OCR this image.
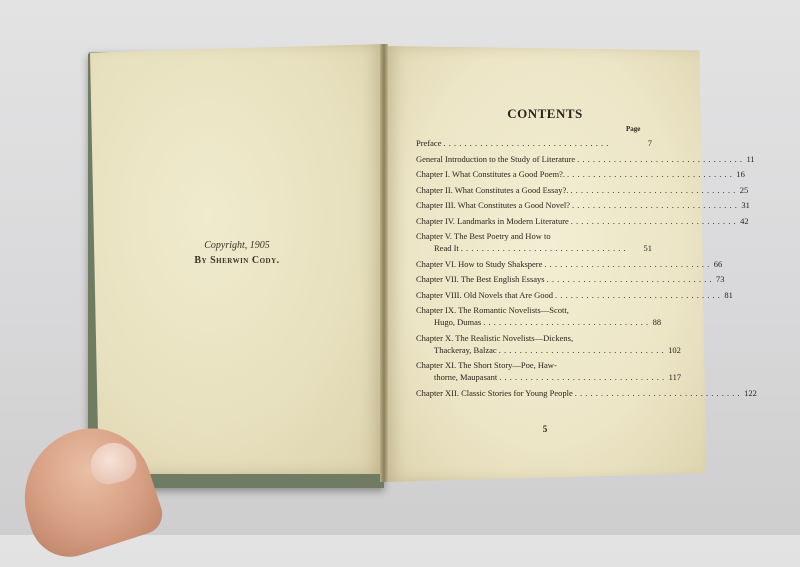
Copyright, 1905
By Sherwin Cody.
CONTENTS
Page
Preface . . . . . . . . . . . . . . . . . . . . . . . . . . . . . . . .	7
General Introduction to the Study of Literature . . . . . . . . . . . . . . . . . . . . . . . . . . . . . . . . 11
Chapter I. What Constitutes a Good Poem?. . . . . . . . . . . . . . . . . . . . . . . . . . . . . . . . . 16
Chapter II. What Constitutes a Good Essay?. . . . . . . . . . . . . . . . . . . . . . . . . . . . . . . . . 25
Chapter III. What Constitutes a Good Novel? . . . . . . . . . . . . . . . . . . . . . . . . . . . . . . . . 31
Chapter IV. Landmarks in Modern Literature . . . . . . . . . . . . . . . . . . . . . . . . . . . . . . . . 42
Chapter V. The Best Poetry and How to
Read It . . . . . . . . . . . . . . . . . . . . . . . . . . . . . . . .	51
Chapter VI. How to Study Shakspere . . . . . . . . . . . . . . . . . . . . . . . . . . . . . . . . 66
Chapter VII. The Best English Essays . . . . . . . . . . . . . . . . . . . . . . . . . . . . . . . . 73
Chapter VIII. Old Novels that Are Good . . . . . . . . . . . . . . . . . . . . . . . . . . . . . . . . 81
Chapter IX. The Romantic Novelists—Scott,
Hugo, Dumas . . . . . . . . . . . . . . . . . . . . . . . . . . . . . . . . 88
Chapter X. The Realistic Novelists—Dickens,
Thackeray, Balzac . . . . . . . . . . . . . . . . . . . . . . . . . . . . . . . . 102
Chapter XI. The Short Story—Poe, Haw-
thorne, Maupasant . . . . . . . . . . . . . . . . . . . . . . . . . . . . . . . . 117
Chapter XII. Classic Stories for Young People . . . . . . . . . . . . . . . . . . . . . . . . . . . . . . . . 122
5
